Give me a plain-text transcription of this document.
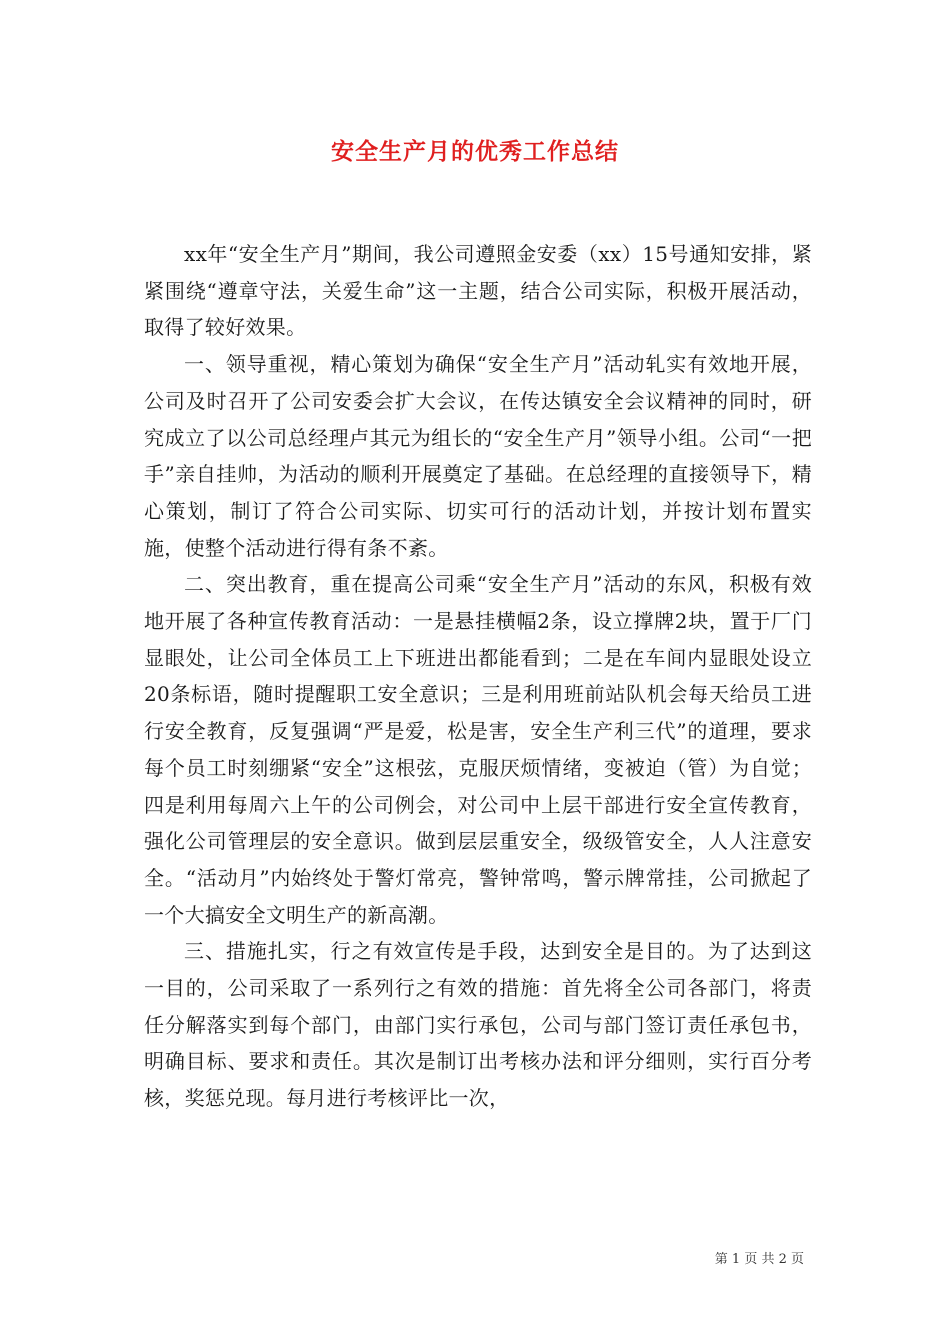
安全生产月的优秀工作总结

xx年“安全生产月”期间，我公司遵照金安委（xx）15号通知安排，紧紧围绕“遵章守法，关爱生命”这一主题，结合公司实际，积极开展活动，取得了较好效果。

一、领导重视，精心策划为确保“安全生产月”活动轧实有效地开展，公司及时召开了公司安委会扩大会议，在传达镇安全会议精神的同时，研究成立了以公司总经理卢其元为组长的“安全生产月”领导小组。公司“一把手”亲自挂帅，为活动的顺利开展奠定了基础。在总经理的直接领导下，精心策划，制订了符合公司实际、切实可行的活动计划，并按计划布置实施，使整个活动进行得有条不紊。

二、突出教育，重在提高公司乘“安全生产月”活动的东风，积极有效地开展了各种宣传教育活动：一是悬挂横幅2条，设立撑牌2块，置于厂门显眼处，让公司全体员工上下班进出都能看到；二是在车间内显眼处设立20条标语，随时提醒职工安全意识；三是利用班前站队机会每天给员工进行安全教育，反复强调“严是爱，松是害，安全生产利三代”的道理，要求每个员工时刻绷紧“安全”这根弦，克服厌烦情绪，变被迫（管）为自觉；四是利用每周六上午的公司例会，对公司中上层干部进行安全宣传教育，强化公司管理层的安全意识。做到层层重安全，级级管安全，人人注意安全。“活动月”内始终处于警灯常亮，警钟常鸣，警示牌常挂，公司掀起了一个大搞安全文明生产的新高潮。

三、措施扎实，行之有效宣传是手段，达到安全是目的。为了达到这一目的，公司采取了一系列行之有效的措施：首先将全公司各部门，将责任分解落实到每个部门，由部门实行承包，公司与部门签订责任承包书，明确目标、要求和责任。其次是制订出考核办法和评分细则，实行百分考核，奖惩兑现。每月进行考核评比一次，

第 1 页 共 2 页
